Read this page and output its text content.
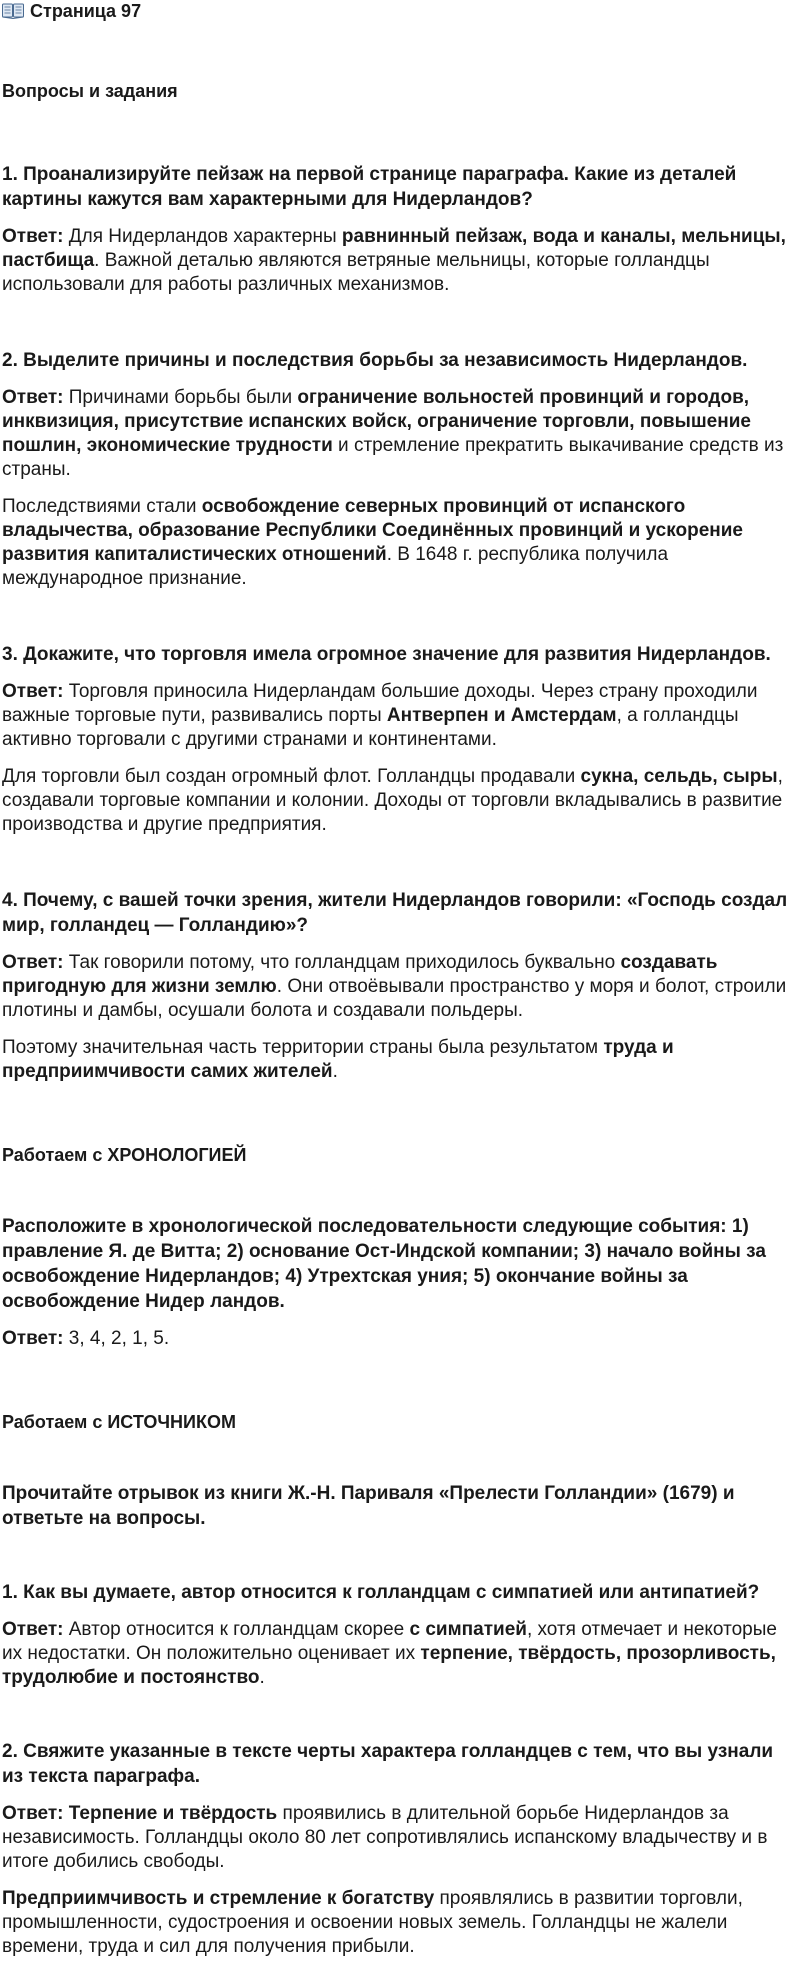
Страница 97
Вопросы и задания

1. Проанализируйте пейзаж на первой странице параграфа. Какие из деталей картины кажутся вам характерными для Нидерландов?

Ответ: Для Нидерландов характерны равнинный пейзаж, вода и каналы, мельницы, пастбища. Важной деталью являются ветряные мельницы, которые голландцы использовали для работы различных механизмов.

2. Выделите причины и последствия борьбы за независимость Нидерландов.

Ответ: Причинами борьбы были ограничение вольностей провинций и городов, инквизиция, присутствие испанских войск, ограничение торговли, повышение пошлин, экономические трудности и стремление прекратить выкачивание средств из страны.

Последствиями стали освобождение северных провинций от испанского владычества, образование Республики Соединённых провинций и ускорение развития капиталистических отношений. В 1648 г. республика получила международное признание.

3. Докажите, что торговля имела огромное значение для развития Нидерландов.

Ответ: Торговля приносила Нидерландам большие доходы. Через страну проходили важные торговые пути, развивались порты Антверпен и Амстердам, а голландцы активно торговали с другими странами и континентами.

Для торговли был создан огромный флот. Голландцы продавали сукна, сельдь, сыры, создавали торговые компании и колонии. Доходы от торговли вкладывались в развитие производства и другие предприятия.

4. Почему, с вашей точки зрения, жители Нидерландов говорили: «Господь создал мир, голландец — Голландию»?

Ответ: Так говорили потому, что голландцам приходилось буквально создавать пригодную для жизни землю. Они отвоёвывали пространство у моря и болот, строили плотины и дамбы, осушали болота и создавали польдеры.

Поэтому значительная часть территории страны была результатом труда и предприимчивости самих жителей.

Работаем с ХРОНОЛОГИЕЙ

Расположите в хронологической последовательности следующие события: 1) правление Я. де Витта; 2) основание Ост-Индской компании; 3) начало войны за освобождение Нидерландов; 4) Утрехтская уния; 5) окончание войны за освобождение Нидер ландов.

Ответ: 3, 4, 2, 1, 5.

Работаем с ИСТОЧНИКОМ

Прочитайте отрывок из книги Ж.-Н. Париваля «Прелести Голландии» (1679) и ответьте на вопросы.

1. Как вы думаете, автор относится к голландцам с симпатией или антипатией?

Ответ: Автор относится к голландцам скорее с симпатией, хотя отмечает и некоторые их недостатки. Он положительно оценивает их терпение, твёрдость, прозорливость, трудолюбие и постоянство.

2. Свяжите указанные в тексте черты характера голландцев с тем, что вы узнали из текста параграфа.

Ответ: Терпение и твёрдость проявились в длительной борьбе Нидерландов за независимость. Голландцы около 80 лет сопротивлялись испанскому владычеству и в итоге добились свободы.

Предприимчивость и стремление к богатству проявлялись в развитии торговли, промышленности, судостроения и освоении новых земель. Голландцы не жалели времени, труда и сил для получения прибыли.
